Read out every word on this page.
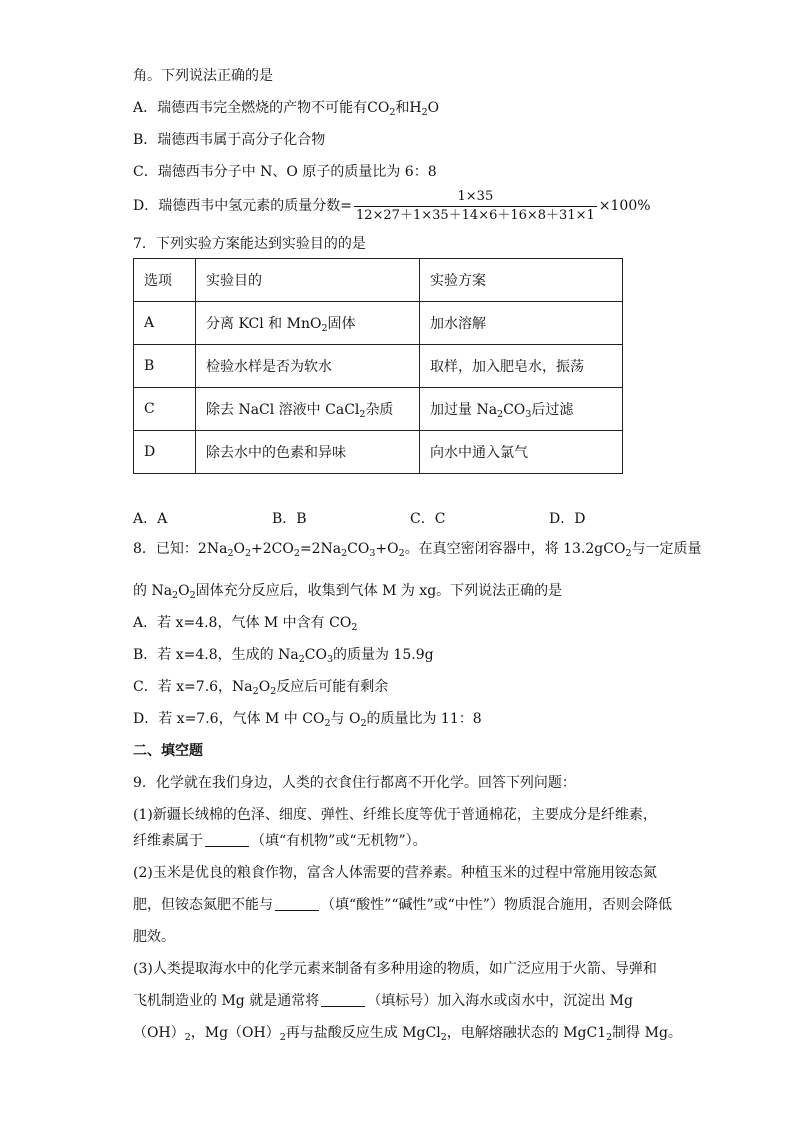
角。下列说法正确的是
A．瑞德西韦完全燃烧的产物不可能有$CO_2$和$H_2O$
B．瑞德西韦属于高分子化合物
C．瑞德西韦分子中 N、O 原子的质量比为 6：8
D．瑞德西韦中氢元素的质量分数= $\frac{1\times 35}{12\times 27+1\times 35+14\times 6+16\times 8+31\times 1} \times 100\%$
7．下列实验方案能达到实验目的的是
选项	实验目的	实验方案
A	分离 KCl 和 MnO$_2$固体	加水溶解
B	检验水样是否为软水	取样，加入肥皂水，振荡
C	除去 NaCl 溶液中 CaCl$_2$杂质	加过量 $Na_2CO_3$后过滤
D	除去水中的色素和异味	向水中通入氯气
A．A	B．B	C．C	D．D
8．已知：$2Na_2O_2+2CO_2=2Na_2CO_3+O_2$。在真空密闭容器中，将 13.2gCO$_2$与一定质量
的 $Na_2O_2$固体充分反应后，收集到气体 M 为 xg。下列说法正确的是
A．若 x=4.8，气体 M 中含有 $CO_2$
B．若 x=4.8，生成的 $Na_2CO_3$的质量为 15.9g
C．若 x=7.6，$Na_2O_2$反应后可能有剩余
D．若 x=7.6，气体 M 中 $CO_2$与 $O_2$的质量比为 11：8
二、填空题
9．化学就在我们身边，人类的衣食住行都离不开化学。回答下列问题：
(1)新疆长绒棉的色泽、细度、弹性、纤维长度等优于普通棉花，主要成分是纤维素，
纤维素属于	（填“有机物”或“无机物”）。
(2)玉米是优良的粮食作物，富含人体需要的营养素。种植玉米的过程中常施用铵态氮
肥，但铵态氮肥不能与	（填“酸性”“碱性”或“中性”）物质混合施用，否则会降低
肥效。
(3)人类提取海水中的化学元素来制备有多种用途的物质，如广泛应用于火箭、导弹和
飞机制造业的 Mg 就是通常将	（填标号）加入海水或卤水中，沉淀出 Mg
$(OH)_2$，$Mg(OH)_2$再与盐酸反应生成 MgCl$_2$，电解熔融状态的 $MgC1_2$制得 Mg。
